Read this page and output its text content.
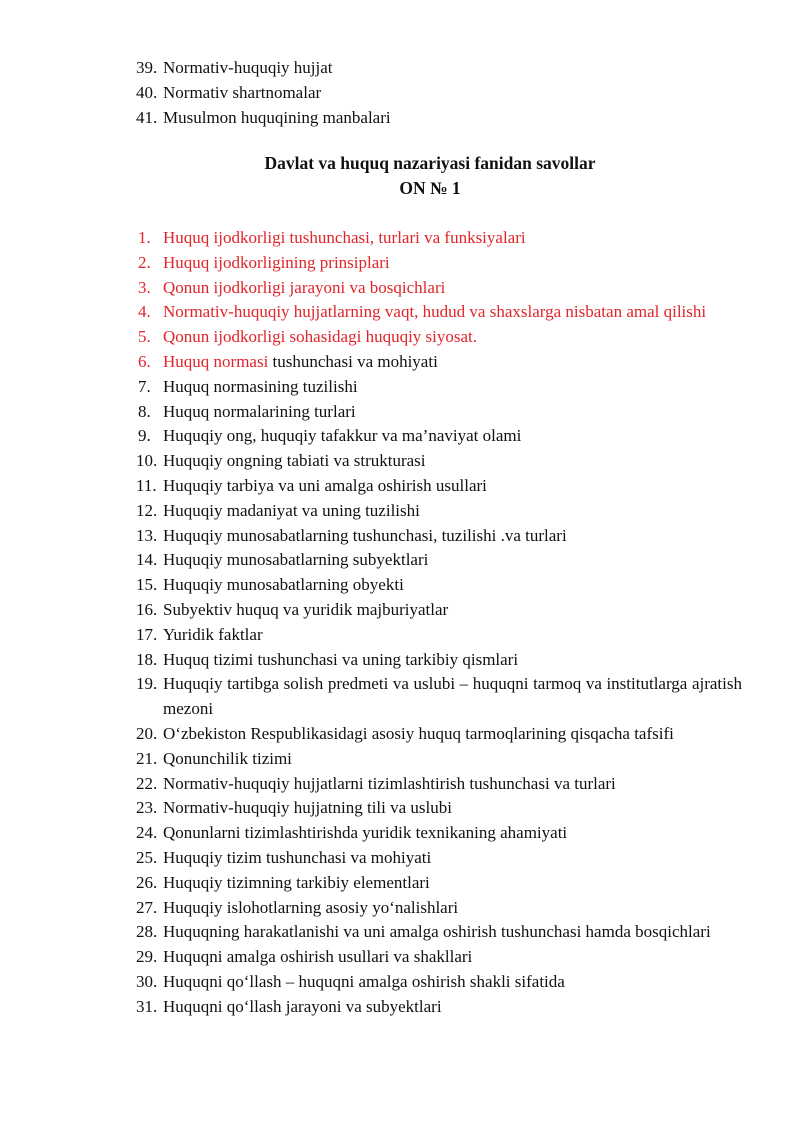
39. Normativ-huquqiy hujjat
40. Normativ shartnomalar
41. Musulmon huquqining manbalari
Davlat va huquq nazariyasi fanidan savollar
ON № 1
1. Huquq ijodkorligi tushunchasi, turlari va funksiyalari
2. Huquq ijodkorligining prinsiplari
3. Qonun ijodkorligi jarayoni va bosqichlari
4. Normativ-huquqiy hujjatlarning vaqt, hudud va shaxslarga nisbatan amal qilishi
5. Qonun ijodkorligi sohasidagi huquqiy siyosat.
6. Huquq normasi tushunchasi va mohiyati
7. Huquq normasining tuzilishi
8. Huquq normalarining turlari
9. Huquqiy ong, huquqiy tafakkur va ma’naviyat olami
10. Huquqiy ongning tabiati va strukturasi
11. Huquqiy tarbiya va uni amalga oshirish usullari
12. Huquqiy madaniyat va uning tuzilishi
13. Huquqiy munosabatlarning tushunchasi, tuzilishi .va turlari
14. Huquqiy munosabatlarning subyektlari
15. Huquqiy munosabatlarning obyekti
16. Subyektiv huquq va yuridik majburiyatlar
17. Yuridik faktlar
18. Huquq tizimi tushunchasi va uning tarkibiy qismlari
19. Huquqiy tartibga solish predmeti va uslubi – huquqni tarmoq va institutlarga ajratish mezoni
20. O‘zbekiston Respublikasidagi asosiy huquq tarmoqlarining qisqacha tafsifi
21. Qonunchilik tizimi
22. Normativ-huquqiy hujjatlarni tizimlashtirish tushunchasi va turlari
23. Normativ-huquqiy hujjatning tili va uslubi
24. Qonunlarni tizimlashtirishda yuridik texnikaning ahamiyati
25. Huquqiy tizim tushunchasi va mohiyati
26. Huquqiy tizimning tarkibiy elementlari
27. Huquqiy islohotlarning asosiy yo‘nalishlari
28. Huquqning harakatlanishi va uni amalga oshirish tushunchasi hamda bosqichlari
29. Huquqni amalga oshirish usullari va shakllari
30. Huquqni qo‘llash – huquqni amalga oshirish shakli sifatida
31. Huquqni qo‘llash jarayoni va subyektlari
